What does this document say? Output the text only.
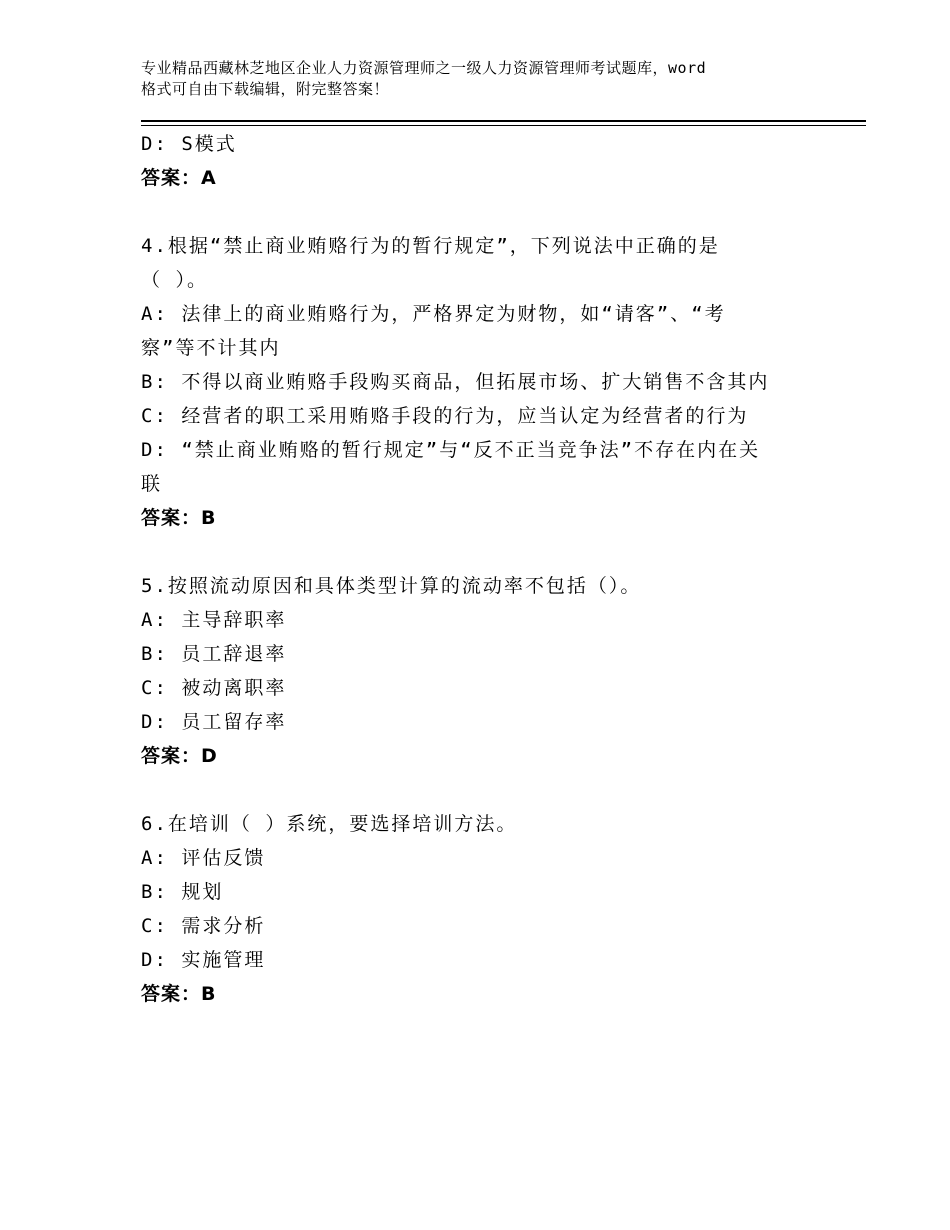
专业精品西藏林芝地区企业人力资源管理师之一级人力资源管理师考试题库，word
格式可自由下载编辑，附完整答案！
D: S模式
答案：A
4.根据“禁止商业贿赂行为的暂行规定”，下列说法中正确的是
（ ）。
A: 法律上的商业贿赂行为，严格界定为财物，如“请客”、“考
察”等不计其内
B: 不得以商业贿赂手段购买商品，但拓展市场、扩大销售不含其内
C: 经营者的职工采用贿赂手段的行为，应当认定为经营者的行为
D: “禁止商业贿赂的暂行规定”与“反不正当竞争法”不存在内在关
联
答案：B
5.按照流动原因和具体类型计算的流动率不包括（）。
A: 主导辞职率
B: 员工辞退率
C: 被动离职率
D: 员工留存率
答案：D
6.在培训（ ）系统，要选择培训方法。
A: 评估反馈
B: 规划
C: 需求分析
D: 实施管理
答案：B
